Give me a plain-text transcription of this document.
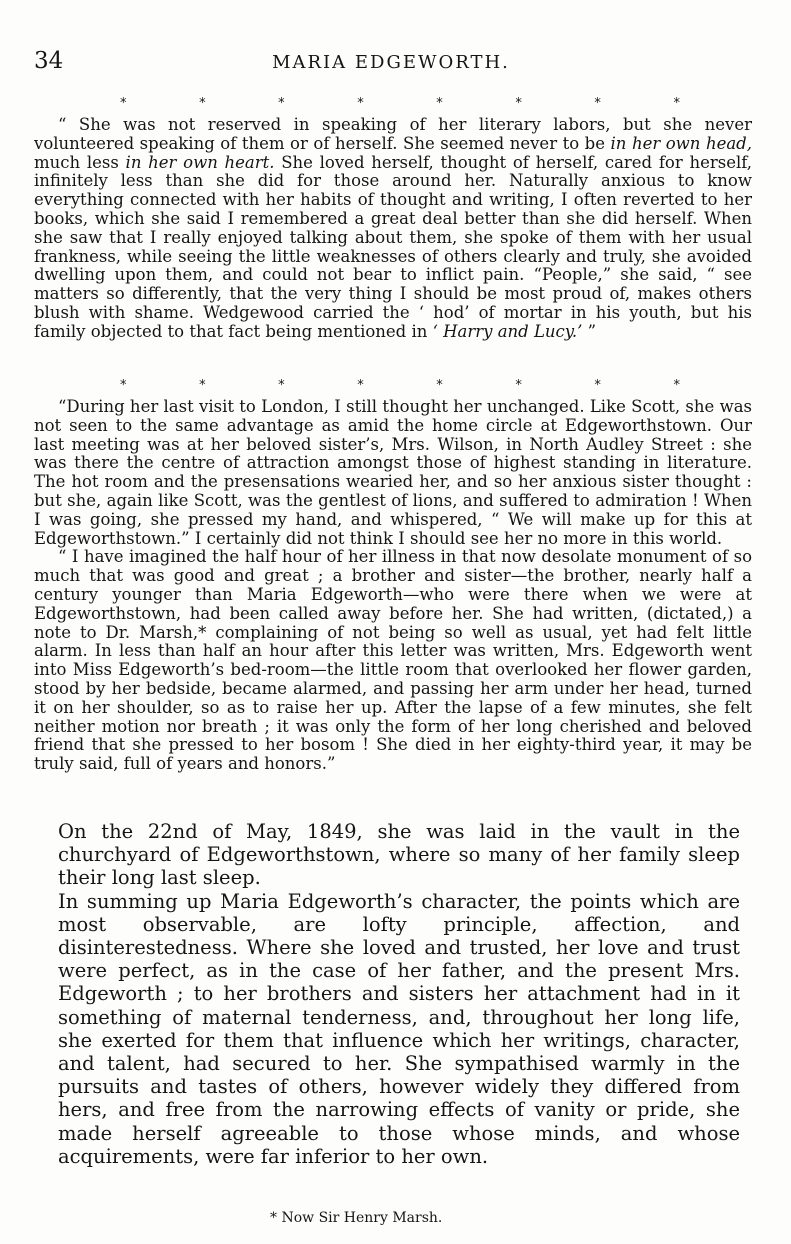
34	MARIA EDGEWORTH.
*	*	*	*	*	*	*	*

“ She was not reserved in speaking of her literary labors, but she never volunteered speaking of them or of herself. She seemed never to be in her own head, much less in her own heart. She loved herself, thought of herself, cared for herself, infinitely less than she did for those around her. Naturally anxious to know everything connected with her habits of thought and writing, I often reverted to her books, which she said I remembered a great deal better than she did herself. When she saw that I really enjoyed talking about them, she spoke of them with her usual frankness, while seeing the little weaknesses of others clearly and truly, she avoided dwelling upon them, and could not bear to inflict pain. “People,” she said, “ see matters so differently, that the very thing I should be most proud of, makes others blush with shame. Wedgewood carried the ‘ hod’ of mortar in his youth, but his family objected to that fact being mentioned in ‘ Harry and Lucy.’ ”

*	*	*	*	*	*	*	*

“During her last visit to London, I still thought her unchanged. Like Scott, she was not seen to the same advantage as amid the home circle at Edgeworthstown. Our last meeting was at her beloved sister’s, Mrs. Wilson, in North Audley Street : she was there the centre of attraction amongst those of highest standing in literature. The hot room and the presensations wearied her, and so her anxious sister thought : but she, again like Scott, was the gentlest of lions, and suffered to admiration ! When I was going, she pressed my hand, and whispered, “ We will make up for this at Edgeworthstown.” I certainly did not think I should see her no more in this world.

“ I have imagined the half hour of her illness in that now desolate monument of so much that was good and great ; a brother and sister—the brother, nearly half a century younger than Maria Edgeworth—who were there when we were at Edgeworthstown, had been called away before her. She had written, (dictated,) a note to Dr. Marsh,* complaining of not being so well as usual, yet had felt little alarm. In less than half an hour after this letter was written, Mrs. Edgeworth went into Miss Edgeworth’s bed-room—the little room that overlooked her flower garden, stood by her bedside, became alarmed, and passing her arm under her head, turned it on her shoulder, so as to raise her up. After the lapse of a few minutes, she felt neither motion nor breath ; it was only the form of her long cherished and beloved friend that she pressed to her bosom ! She died in her eighty-third year, it may be truly said, full of years and honors.”

On the 22nd of May, 1849, she was laid in the vault in the churchyard of Edgeworthstown, where so many of her family sleep their long last sleep.

In summing up Maria Edgeworth’s character, the points which are most observable, are lofty principle, affection, and disinterestedness. Where she loved and trusted, her love and trust were perfect, as in the case of her father, and the present Mrs. Edgeworth ; to her brothers and sisters her attachment had in it something of maternal tenderness, and, throughout her long life, she exerted for them that influence which her writings, character, and talent, had secured to her. She sympathised warmly in the pursuits and tastes of others, however widely they differed from hers, and free from the narrowing effects of vanity or pride, she made herself agreeable to those whose minds, and whose acquirements, were far inferior to her own.

* Now Sir Henry Marsh.
